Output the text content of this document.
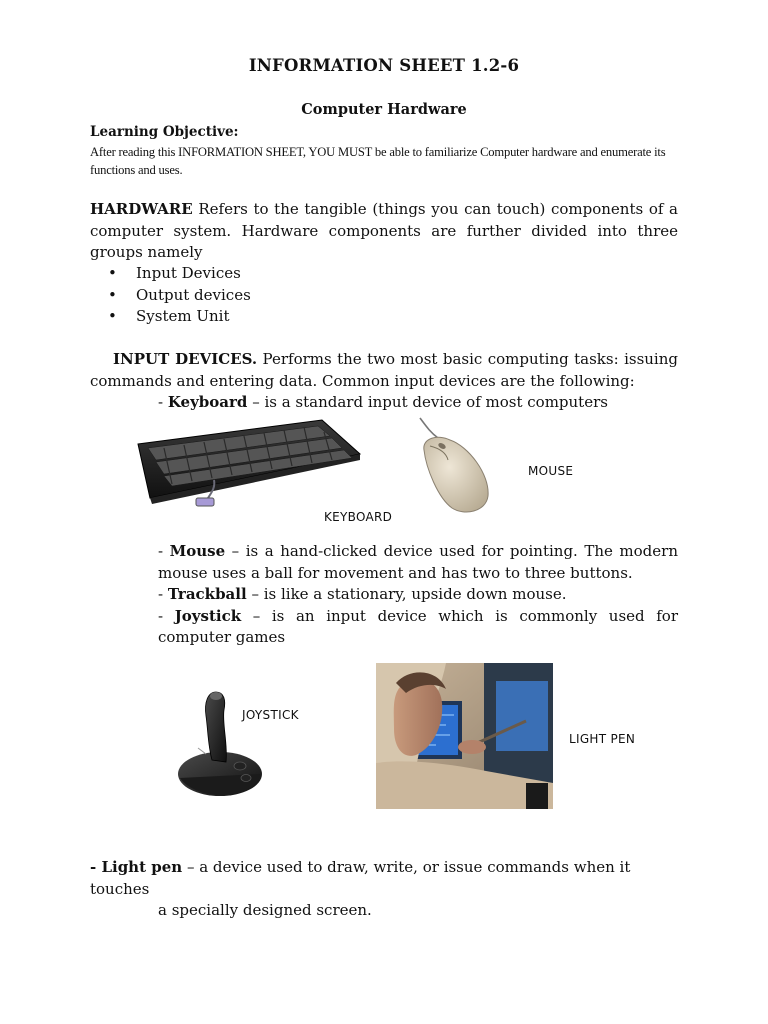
INFORMATION SHEET 1.2-6
Computer Hardware
Learning Objective:
After reading this INFORMATION SHEET, YOU MUST be able to familiarize Computer hardware and enumerate its functions and uses.
HARDWARE Refers to the tangible (things you can touch) components of a computer system. Hardware components are further divided into three groups namely
• Input Devices
• Output devices
• System Unit
INPUT DEVICES. Performs the two most basic computing tasks: issuing commands and entering data. Common input devices are the following:
- Keyboard – is a standard input device of most computers
MOUSE
KEYBOARD
- Mouse – is a hand-clicked device used for pointing. The modern mouse uses a ball for movement and has two to three buttons.
- Trackball – is like a stationary, upside down mouse.
- Joystick – is an input device which is commonly used for computer games
JOYSTICK
LIGHT PEN
- Light pen – a device used to draw, write, or issue commands when it touches
a specially designed screen.
